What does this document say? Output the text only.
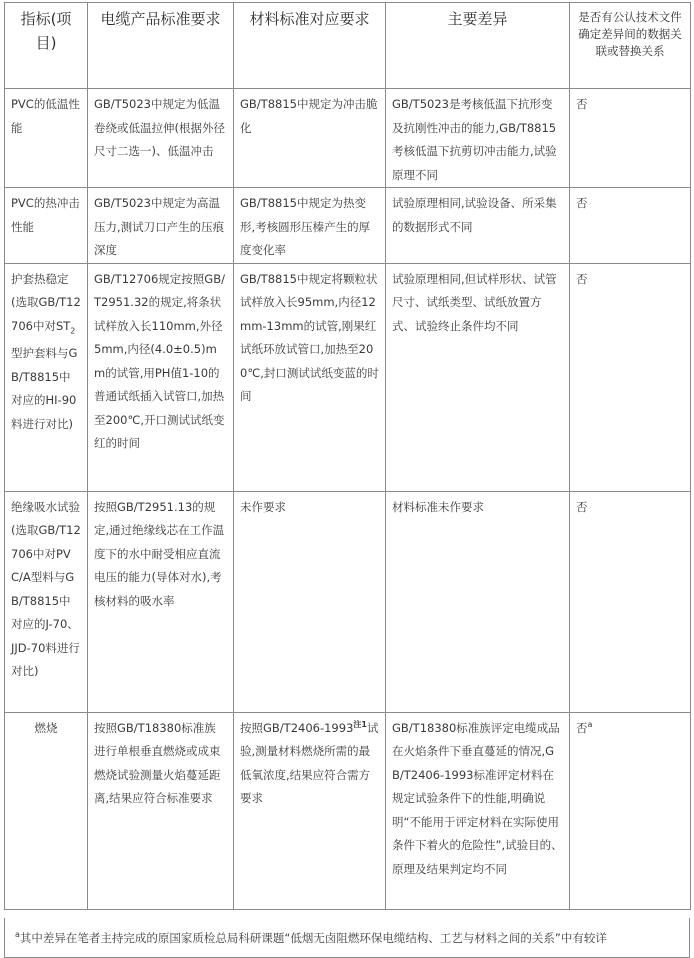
指标(项目)	电缆产品标准要求	材料标准对应要求	主要差异	是否有公认技术文件确定差异间的数据关联或替换关系
PVC的低温性能	GB/T5023中规定为低温卷绕或低温拉伸(根据外径尺寸二选一)、低温冲击	GB/T8815中规定为冲击脆化	GB/T5023是考核低温下抗形变及抗刚性冲击的能力,GB/T8815考核低温下抗剪切冲击能力,试验原理不同	否
PVC的热冲击性能	GB/T5023中规定为高温压力,测试刀口产生的压痕深度	GB/T8815中规定为热变形,考核圆形压榛产生的厚度变化率	试验原理相同,试验设备、所采集的数据形式不同	否
护套热稳定(选取GB/T12706中对$ST_2$型护套料与GB/T8815中对应的HI-90料进行对比)	GB/T12706规定按照GB/T2951.32的规定,将条状试样放入长110mm,外径5mm,内径(4.0±0.5)mm的试管,用PH值1-10的普通试纸插入试管口,加热至200℃,开口测试试纸变红的时间	GB/T8815中规定将颗粒状试样放入长95mm,内径12mm-13mm的试管,刚果红试纸环放试管口,加热至200℃,封口测试试纸变蓝的时间	试验原理相同,但试样形状、试管尺寸、试纸类型、试纸放置方式、试验终止条件均不同	否
绝缘吸水试验(选取GB/T12706中对PVC/A型料与GB/T8815中对应的J-70、JJD-70料进行对比)	按照GB/T2951.13的规定,通过绝缘线芯在工作温度下的水中耐受相应直流电压的能力(导体对水),考核材料的吸水率	未作要求	材料标准未作要求	否
燃烧	按照GB/T18380标准族进行单根垂直燃烧或成束燃烧试验测量火焰蔓延距离,结果应符合标准要求	按照GB/T2406-1993$^{注1}$试验,测量材料燃烧所需的最低氧浓度,结果应符合需方要求	GB/T18380标准族评定电缆成品在火焰条件下垂直蔓延的情况,GB/T2406-1993标准评定材料在规定试验条件下的性能,明确说明“不能用于评定材料在实际使用条件下着火的危险性”,试验目的、原理及结果判定均不同	否$^a$
$^a$其中差异在笔者主持完成的原国家质检总局科研课题“低烟无卤阻燃环保电缆结构、工艺与材料之间的关系”中有较详
